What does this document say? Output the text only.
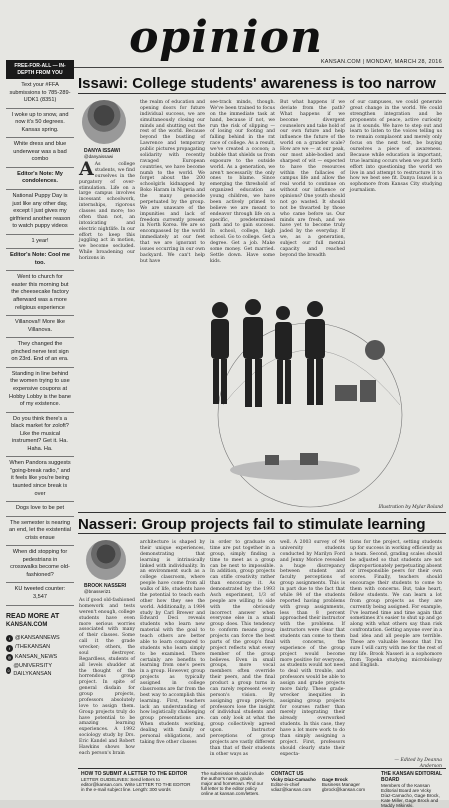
opinion
KANSAN.COM | MONDAY, MARCH 28, 2016
FREE-FOR-ALL — IN-DEPTH FROM YOU
Text your #FFA submissions to 785-289-UDK1 (8351)
I woke up to snow, and now it's 50 degrees. Kansas spring.
White dress and blue underwear was a bad combo
Editor's Note: My condolences.
National Puppy Day is just like any other day, except I just gives my girlfriend another reason to watch puppy videos
1 year!
Editor's Note: Cool me too.
Went to church for easter this morning but the cheesecake factory afterward was a more religious experience
Villanova!! More like Villanova.
They changed the pinched nerve test sign on 23rd. End of an era.
Standing in line behind the women trying to use expensive coupons at Hobby Lobby is the bane of my existence.
Do you think there's a black market for zoloft? Like the musical instrument? Get it. Ha. Haha. Ha.
When Pandora suggests "going-break radio," and it feels like you're being taunted since break is over
Dogs love to be pet
The semester is nearing an end, let the existential crisis ensue
When did stopping for pedestrians in crosswalks become old-fashioned?
KU tweeted counter: 3,547
READ MORE AT
KANSAN.COM
t @KANSANNEWS
f /THEKANSAN
◎ KANSAN_NEWS
☺
@UNIVERSITY DAILYKANSAN
Issawi: College students' awareness is too narrow
DANYA ISSAWI
@danyaissawi
A As college students, we find ourselves in the purgatory of over-stimulation. Life on a large campus involves incessant schoolwork, internships, rigorous classes and more; too often than not, an intoxicating and electric nightlife. In our effort to keep this juggling act in motion, we become secluded. While broadening our horizons in
the realm of education and opening doors for future individual success, we are simultaneously closing our minds and shutting out the rest of the world. Because beyond the bustling of Lawrence and temporary public pictures propagating solidarity with recently ravaged European countries, we have become numb to the world. We forget about the 200 schoolgirls kidnapped by Boko Haram in Nigeria and the many genocide perpetuated by the group. We are unaware of the impunities and lack of freedom currently present in North Korea. We are so encompassed by the world immediately at our feet that we are ignorant to issues occurring in our own backyard. We can't help but have
see-track minds, though. We've been trained to focus on the immediate task at hand, because if not, we run the risk of slipping — of losing our footing and falling behind in the rat race of college. As a result, we've created a cocoon; a bubble that shields us from exposure to the outside world. As a generation, we aren't necessarily the only ones to blame. Since emerging the threshold of organized education as young children, we have been actively primed to believe we are meant to endeavor through life on a specific, predetermined path and to gain success. In school, college, high school. Go to college. Get a degree. Get a job. Make some money. Get married. Settle down. Have some kids.
But what happens if we deviate from the path? What happens if we become divergent counselors and take hold of our own future and help influence the future of the world on a grander scale? How are we — at our peak, our most able-bodied and sharpest of wit — expected to have the resources within the fallacies of campus life and allow the real world to continue on without our influence or opinions? One youth should not go wasted. It should not be thwarted by those who came before us. Our minds are fresh, and we have yet to become truly jaded by the everyday. If we, as a generation, subject our full mental capacity and reached beyond the breadth
of our campuses, we could generate great change in the world. We could strengthen integration and be proponents of peace, active curiosity as it sounds. We have to step out and learn to listen to the voices telling us to remain complacent and merely only focus on the next test, be buying ourselves a piece of awareness. Because while education is important, true learning occurs when we put forth effort into questioning the world we live in and attempt to restructure it to how we best see fit. Danya Issawi is a sophomore from Kansas City studying journalism.
Illustration by Mylar Roland
Nasseri: Group projects fail to stimulate learning
BROOK NASSERI
@bnasseri21
As if good old-fashioned homework and tests weren't enough, college students have even more serious worries associated with many of their classes. Some call it the grade wrecker; others, the soul destroyer. Regardless, students of all levels shudder at the thought of the horrendous group project. In spite of general disdain for group projects, professors absolutely love to assign them. Group projects truly do have potential to be amazing learning experiences. A 1992 sociology study by Drs. Eric Kandel and Robert Hawkins shows how each person's brain
architecture is shaped by their unique experiences, demonstrating that learning is intrinsically linked with individuality. In an environment such as a college classroom, where people have come from all walks of life, students have the potential to teach each other how they see the world. Additionally, a 1984 study by Carl Brewer and Edward Deci reveals students who learn new material with the goal to teach others are better able to learn compared to students who learn simply to be examined. There certainly are benefits to learning from one's peers in a group. However, group projects as typically assigned in college classrooms are far from the best way to accomplish this learning. First, teachers lack an understanding of how logistically challenging group presentations are. When students working, dealing with family or personal obligations, and taking five other classes
in order to graduate on time are put together in a group, simply finding a time to meet as a group can be next to impossible. In addition, group projects can stifle creativity rather than encourage it. As demonstrated by the 1993 Asch experiment, 1/3 of people are willing to side with the obviously incorrect answer when everyone else in a small group does. This tendency to conform means group projects can force the best parts of the group's final project reflects what every member of the group believes. Even in small groups, more vocal members often override their peers, and the final product a group turns in can rarely represent every person's vision. By assigning group projects, professors lose the insight of individual students and can only look at what the group collectively agreed upon. Instructor perceptions of group projects are vastly different than that of their students in other ways as
well. A 2003 survey of 94 university students conducted by Marilyn Ford and Jenny Morice revealed a huge discrepancy between student and faculty perceptions of group assignments. This is in part due to the fact that while 84 of the students reported having problems with group assignments, less than 8 percent approached their instructor with the problems. If instructors were clear that students can come to them with concerns, the experience of the group project would become more positive for everyone, as students would not need to deal with trouble, and professors would be able to assign and grade projects more fairly. These grade-wrecker inequities in assigning group projects for courses rather than merely integrating their already overworked students. In this case, they have a lot more work to do than simply assigning a project. First, professors should clearly state their expecta-
tions for the project, setting students up for success in working efficiently as a team. Second, grading scales should be adjusted so that students are not disproportionately perpetuating absent or irresponsible peers for their own scores. Finally, teachers should encourage their students to come to them with concerns. But, take heart, fellow students. We can learn a lot from group projects as they are currently being assigned. For example, I've learned time and time again that sometimes it's easier to shut up and go along with what others say than risk confrontation. Getting anyone over in a bad idea and all people are terrible. These are valuable lessons that I'm sure I will carry with me for the rest of my life. Brook Nasseri is a sophomore from Topeka studying microbiology and English.
— Edited by Deanna Anderson
HOW TO SUBMIT A LETTER TO THE EDITOR
LETTER GUIDELINES: Send letters to editor@kansan.com. Write LETTER TO THE EDITOR in the e-mail subject line. Length: 300 words
The submission should include the author's name, grade, major and hometown. Find our full letter to the editor policy online at kansan.com/letters.
CONTACT US
Vicky Díaz-Camacho
Editor-in-chief
vdiaz@kansan.com
Gage Brock
Business Manager
gbrock@kansan.com
THE KANSAN EDITORIAL BOARD
Members of the Kansan Editorial Board are Vicky Díaz-Camacho, Gage Brock, Kate Miller, Gage Brock and Maddy Mikinski.
